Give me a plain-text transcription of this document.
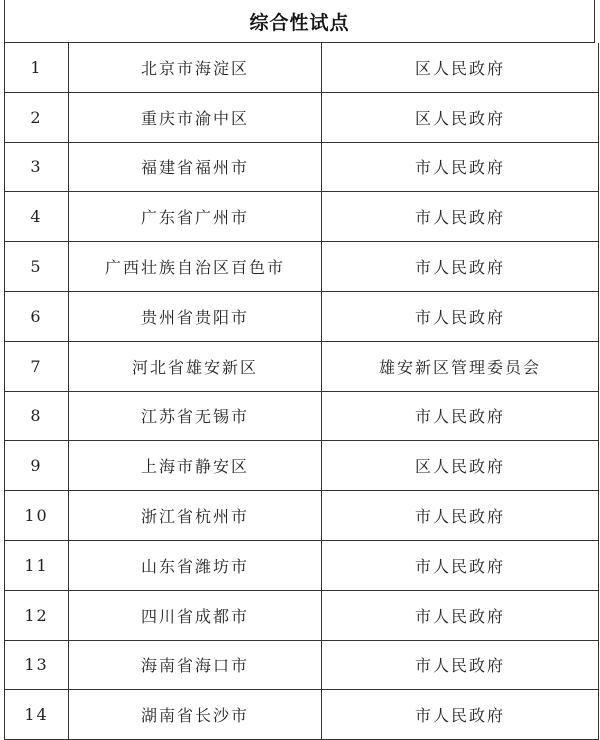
综合性试点
1	北京市海淀区	区人民政府
2	重庆市渝中区	区人民政府
3	福建省福州市	市人民政府
4	广东省广州市	市人民政府
5	广西壮族自治区百色市	市人民政府
6	贵州省贵阳市	市人民政府
7	河北省雄安新区	雄安新区管理委员会
8	江苏省无锡市	市人民政府
9	上海市静安区	区人民政府
10	浙江省杭州市	市人民政府
11	山东省潍坊市	市人民政府
12	四川省成都市	市人民政府
13	海南省海口市	市人民政府
14	湖南省长沙市	市人民政府
